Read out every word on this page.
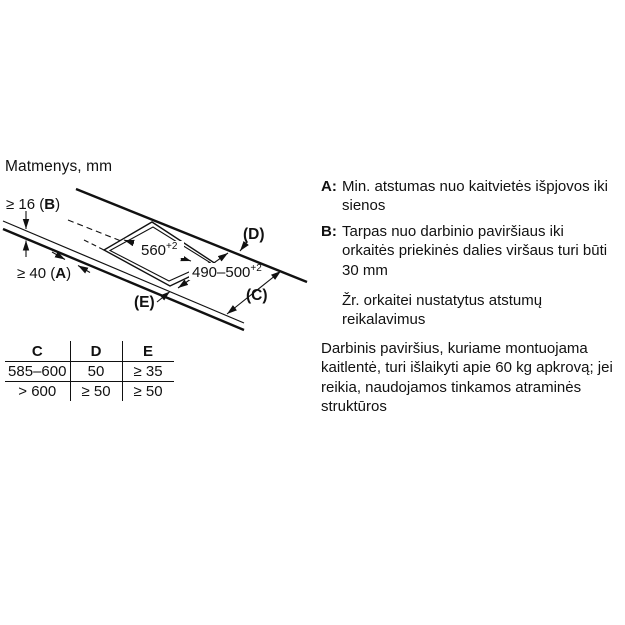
Matmenys, mm
$560^{+2}$
$490-500^{+2}$
≥ 16 (B)
≥ 40 (A)
(D)
(C)
(E)
C	D	E
585–600	50	≥ 35
> 600	≥ 50	≥ 50
A: Min. atstumas nuo kaitvietės išpjovos iki
sienos
B: Tarpas nuo darbinio paviršiaus iki
orkaitės priekinės dalies viršaus turi būti
30 mm
Žr. orkaitei nustatytus atstumų
reikalavimus
Darbinis paviršius, kuriame montuojama
kaitlentė, turi išlaikyti apie 60 kg apkrovą; jei
reikia, naudojamos tinkamos atraminės
struktūros
